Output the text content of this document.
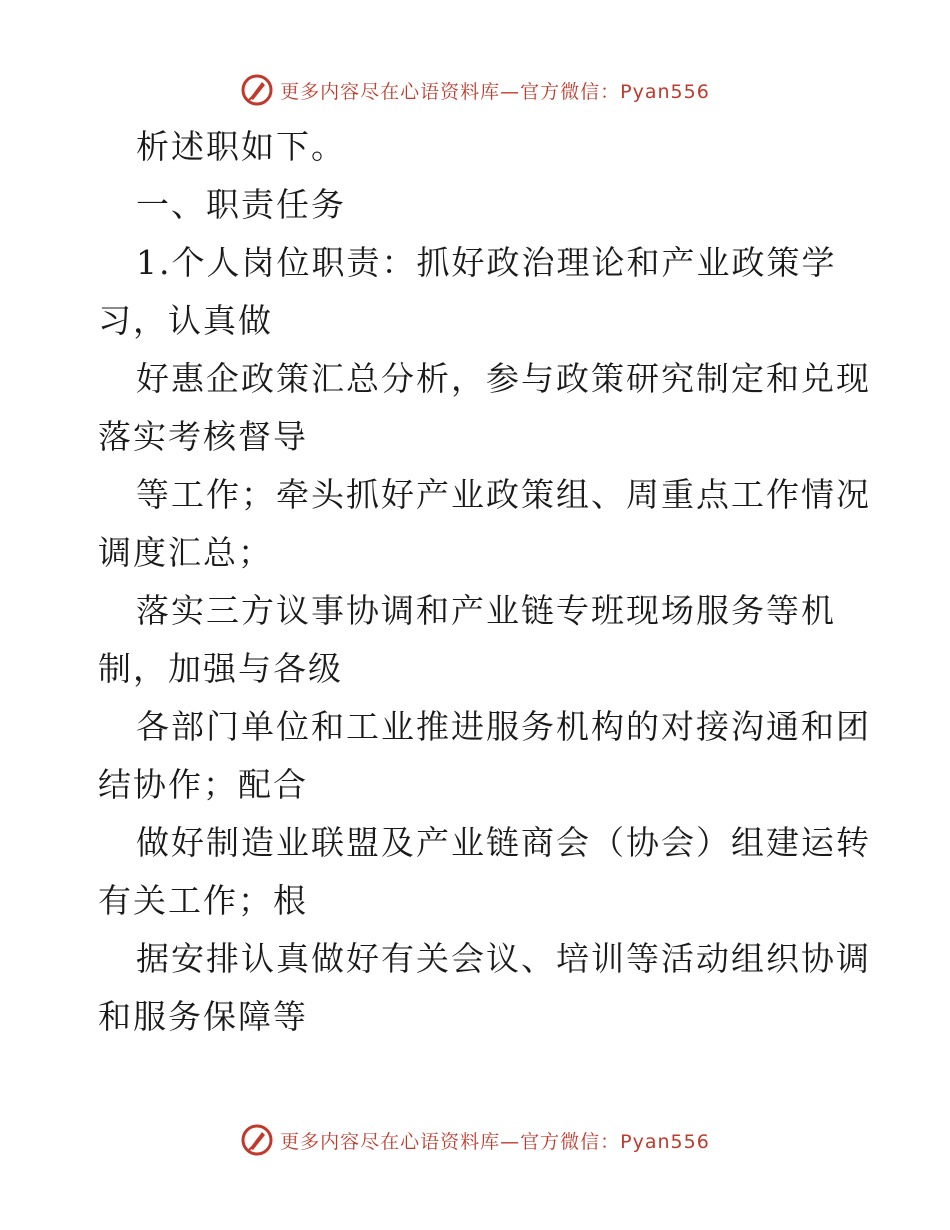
更多内容尽在心语资料库—官方微信：Pyan556
析述职如下。
一、职责任务
1.个人岗位职责：抓好政治理论和产业政策学
习，认真做
好惠企政策汇总分析，参与政策研究制定和兑现
落实考核督导
等工作；牵头抓好产业政策组、周重点工作情况
调度汇总；
落实三方议事协调和产业链专班现场服务等机
制，加强与各级
各部门单位和工业推进服务机构的对接沟通和团
结协作；配合
做好制造业联盟及产业链商会（协会）组建运转
有关工作；根
据安排认真做好有关会议、培训等活动组织协调
和服务保障等
更多内容尽在心语资料库—官方微信：Pyan556
